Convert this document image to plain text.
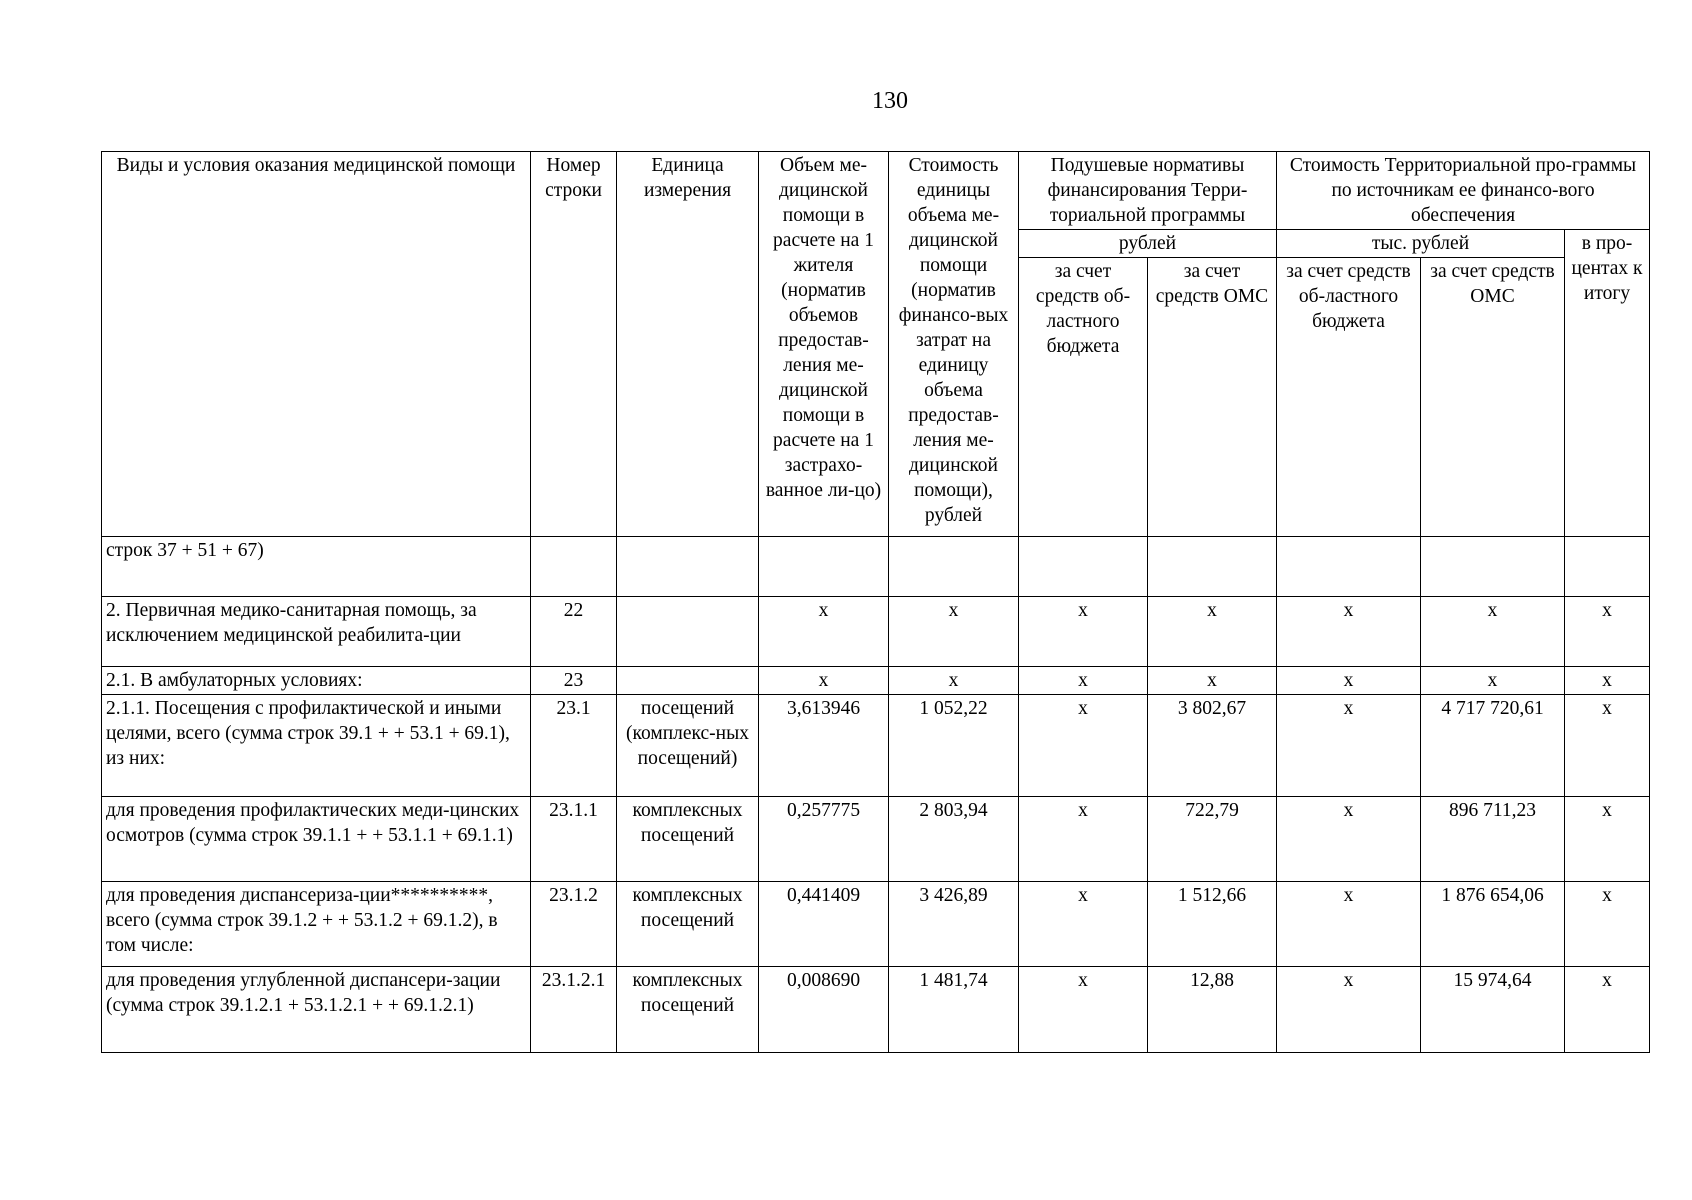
130
Виды и условия оказания медицинской помощи	Номер строки	Единица измерения	Объем ме-дицинской помощи в расчете на 1 жителя (норматив объемов предостав-ления ме-дицинской помощи в расчете на 1 застрахо-ванное ли-цо)	Стоимость единицы объема ме-дицинской помощи (норматив финансо-вых затрат на единицу объема предостав-ления ме-дицинской помощи), рублей	Подушевые нормативы финансирования Терри-ториальной программы		Стоимость Территориальной про-граммы по источникам ее финансо-вого обеспечения		
					рублей		тыс. рублей		в про-центах к итогу
					за счет средств об-ластного бюджета	за счет средств ОМС	за счет средств об-ластного бюджета	за счет средств ОМС	
строк 37 + 51 + 67)									
2. Первичная медико-санитарная помощь, за исключением медицинской реабилита-ции	22		х	х	х	х	х	х	х
2.1. В амбулаторных условиях:	23		х	х	х	х	х	х	х
2.1.1. Посещения с профилактической и иными целями, всего (сумма строк 39.1 + + 53.1 + 69.1), из них:	23.1	посещений (комплекс-ных посещений)	3,613946	1 052,22	х	3 802,67	х	4 717 720,61	х
для проведения профилактических меди-цинских осмотров (сумма строк 39.1.1 + + 53.1.1 + 69.1.1)	23.1.1	комплексных посещений	0,257775	2 803,94	х	722,79	х	896 711,23	х
для проведения диспансериза-ции**********, всего (сумма строк 39.1.2 + + 53.1.2 + 69.1.2), в том числе:	23.1.2	комплексных посещений	0,441409	3 426,89	х	1 512,66	х	1 876 654,06	х
для проведения углубленной диспансери-зации (сумма строк 39.1.2.1 + 53.1.2.1 + + 69.1.2.1)	23.1.2.1	комплексных посещений	0,008690	1 481,74	х	12,88	х	15 974,64	х
